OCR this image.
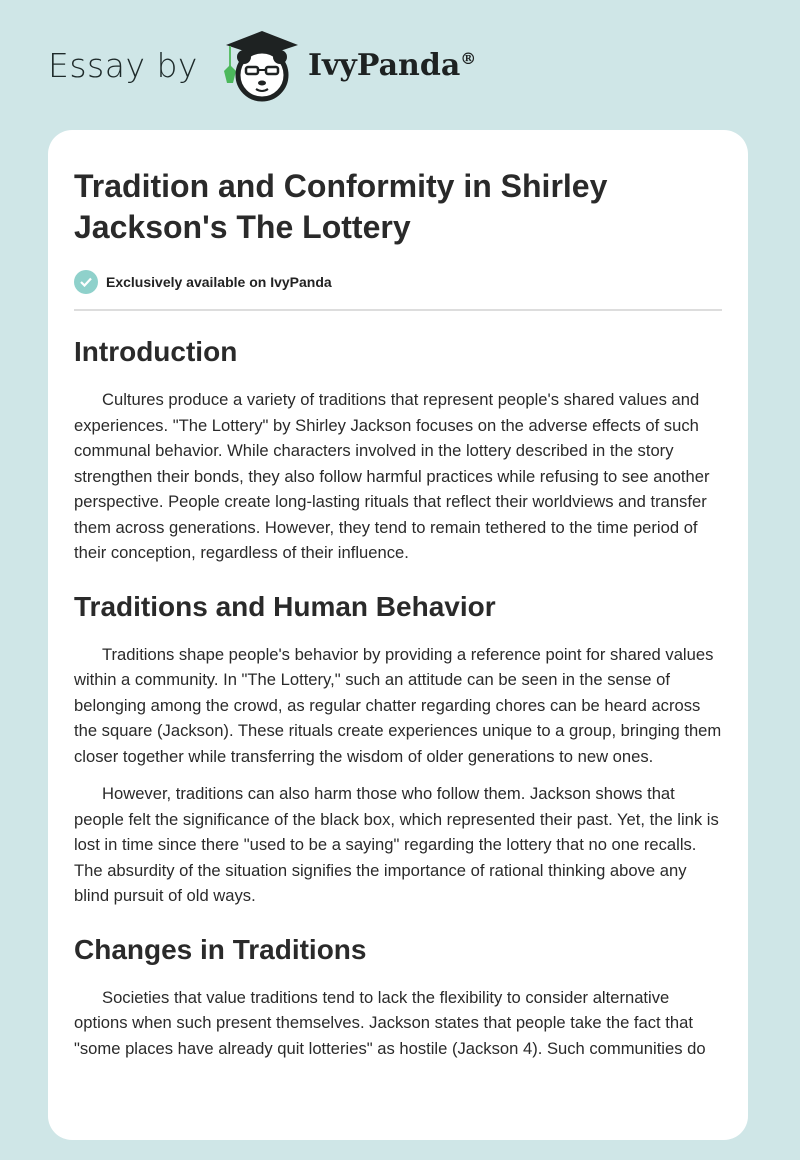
Essay by	IvyPanda®
Tradition and Conformity in Shirley Jackson's The Lottery
Exclusively available on IvyPanda
Introduction

Cultures produce a variety of traditions that represent people's shared values and experiences. "The Lottery" by Shirley Jackson focuses on the adverse effects of such communal behavior. While characters involved in the lottery described in the story strengthen their bonds, they also follow harmful practices while refusing to see another perspective. People create long-lasting rituals that reflect their worldviews and transfer them across generations. However, they tend to remain tethered to the time period of their conception, regardless of their influence.

Traditions and Human Behavior

Traditions shape people's behavior by providing a reference point for shared values within a community. In "The Lottery," such an attitude can be seen in the sense of belonging among the crowd, as regular chatter regarding chores can be heard across the square (Jackson). These rituals create experiences unique to a group, bringing them closer together while transferring the wisdom of older generations to new ones.

However, traditions can also harm those who follow them. Jackson shows that people felt the significance of the black box, which represented their past. Yet, the link is lost in time since there "used to be a saying" regarding the lottery that no one recalls. The absurdity of the situation signifies the importance of rational thinking above any blind pursuit of old ways.

Changes in Traditions

Societies that value traditions tend to lack the flexibility to consider alternative options when such present themselves. Jackson states that people take the fact that "some places have already quit lotteries" as hostile (Jackson 4). Such communities do
